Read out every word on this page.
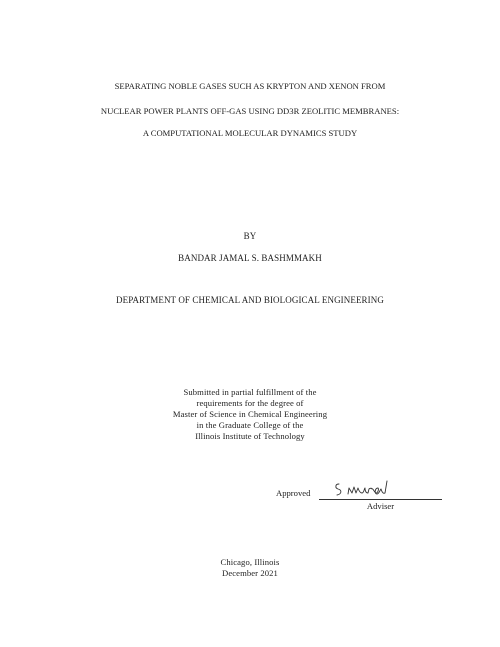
SEPARATING NOBLE GASES SUCH AS KRYPTON AND XENON FROM
NUCLEAR POWER PLANTS OFF-GAS USING DD3R ZEOLITIC MEMBRANES:
A COMPUTATIONAL MOLECULAR DYNAMICS STUDY
BY
BANDAR JAMAL S. BASHMMAKH
DEPARTMENT OF CHEMICAL AND BIOLOGICAL ENGINEERING
Submitted in partial fulfillment of the
requirements for the degree of
Master of Science in Chemical Engineering
in the Graduate College of the
Illinois Institute of Technology
Approved
Adviser
Chicago, Illinois
December 2021
